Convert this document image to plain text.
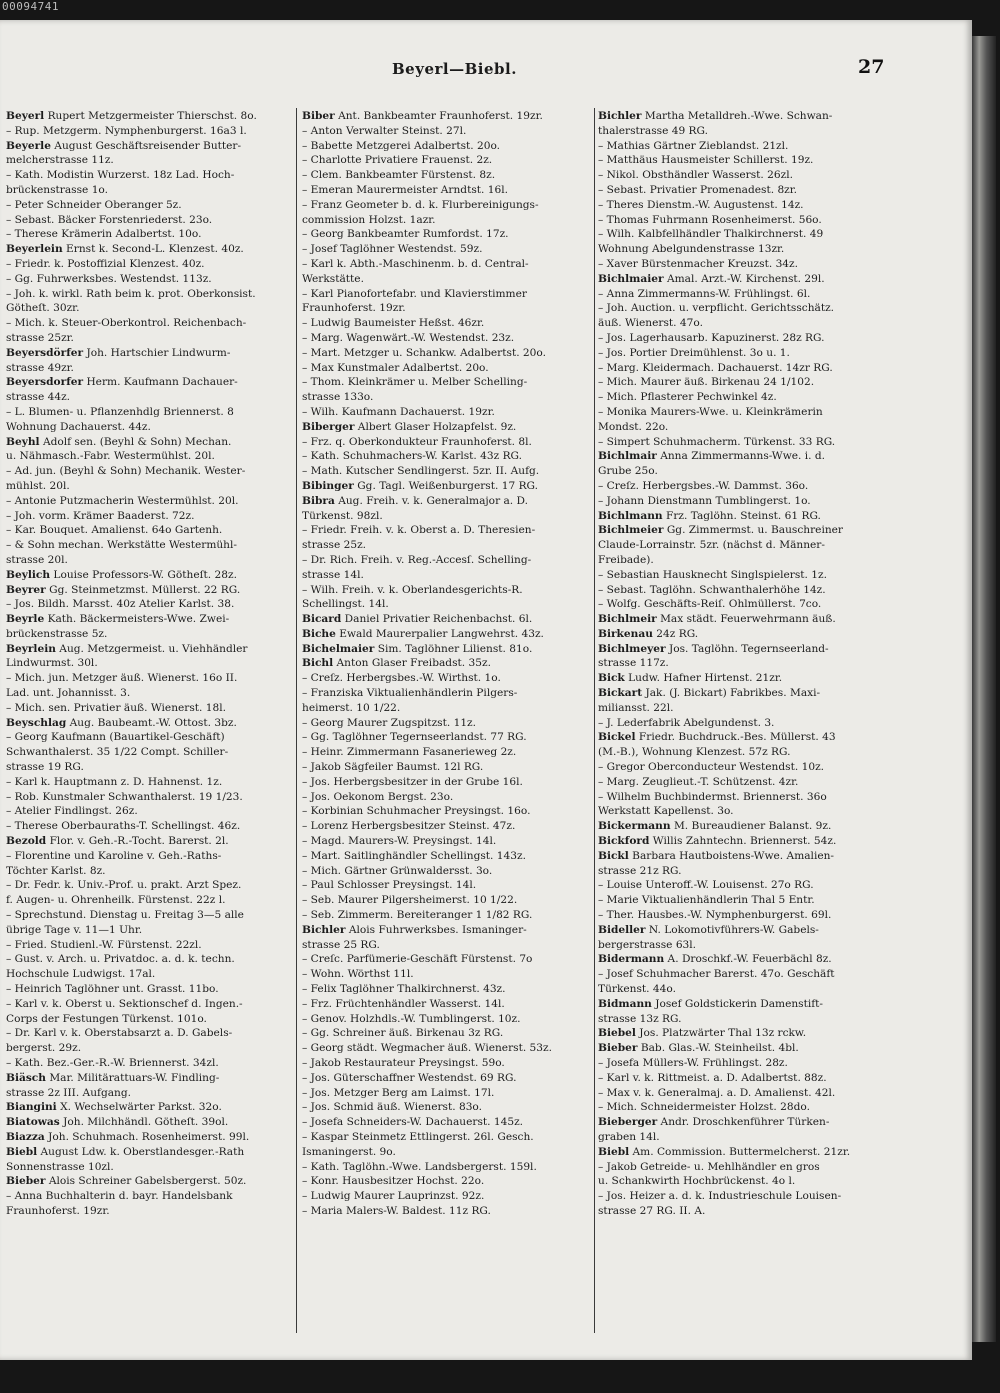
00094741
Beyerl—Biebl.	27
Beyerl Rupert Metzgermeister Thierschst. 8o.
– Rup. Metzgerm. Nymphenburgerst. 16a3 l.
Beyerle August Geschäftsreisender Butter-
melcherstrasse 11z.
– Kath. Modistin Wurzerst. 18z Lad. Hoch-
brückenstrasse 1o.
– Peter Schneider Oberanger 5z.
– Sebast. Bäcker Forstenriederst. 23o.
– Therese Krämerin Adalbertst. 10o.
Beyerlein Ernst k. Second-L. Klenzest. 40z.
– Friedr. k. Postoffizial Klenzest. 40z.
– Gg. Fuhrwerksbes. Westendst. 113z.
– Joh. k. wirkl. Rath beim k. prot. Oberkonsist.
Götheſt. 30zr.
– Mich. k. Steuer-Oberkontrol. Reichenbach-
strasse 25zr.
Beyersdörfer Joh. Hartschier Lindwurm-
strasse 49zr.
Beyersdorfer Herm. Kaufmann Dachauer-
strasse 44z.
– L. Blumen- u. Pflanzenhdlg Briennerst. 8
Wohnung Dachauerst. 44z.
Beyhl Adolf sen. (Beyhl & Sohn) Mechan.
u. Nähmasch.-Fabr. Westermühlst. 20l.
– Ad. jun. (Beyhl & Sohn) Mechanik. Wester-
mühlst. 20l.
– Antonie Putzmacherin Westermühlst. 20l.
– Joh. vorm. Krämer Baaderst. 72z.
– Kar. Bouquet. Amalienst. 64o Gartenh.
– & Sohn mechan. Werkstätte Westermühl-
strasse 20l.
Beylich Louise Professors-W. Götheſt. 28z.
Beyrer Gg. Steinmetzmst. Müllerst. 22 RG.
– Jos. Bildh. Marsst. 40z Atelier Karlst. 38.
Beyrle Kath. Bäckermeisters-Wwe. Zwei-
brückenstrasse 5z.
Beyrlein Aug. Metzgermeist. u. Viehhändler
Lindwurmst. 30l.
– Mich. jun. Metzger äuß. Wienerst. 16o II.
Lad. unt. Johannisst. 3.
– Mich. sen. Privatier äuß. Wienerst. 18l.
Beyschlag Aug. Baubeamt.-W. Ottost. 3bz.
– Georg Kaufmann (Bauartikel-Geschäft)
Schwanthalerst. 35 1/22 Compt. Schiller-
strasse 19 RG.
– Karl k. Hauptmann z. D. Hahnenst. 1z.
– Rob. Kunstmaler Schwanthalerst. 19 1/23.
– Atelier Findlingst. 26z.
– Therese Oberbauraths-T. Schellingst. 46z.
Bezold Flor. v. Geh.-R.-Tocht. Barerst. 2l.
– Florentine und Karoline v. Geh.-Raths-
Töchter Karlst. 8z.
– Dr. Fedr. k. Univ.-Prof. u. prakt. Arzt Spez.
f. Augen- u. Ohrenheilk. Fürstenst. 22z l.
– Sprechstund. Dienstag u. Freitag 3—5 alle
übrige Tage v. 11—1 Uhr.
– Fried. Studienl.-W. Fürstenst. 22zl.
– Gust. v. Arch. u. Privatdoc. a. d. k. techn.
Hochschule Ludwigst. 17al.
– Heinrich Taglöhner unt. Grasst. 11bo.
– Karl v. k. Oberst u. Sektionschef d. Ingen.-
Corps der Festungen Türkenst. 101o.
– Dr. Karl v. k. Oberstabsarzt a. D. Gabels-
bergerst. 29z.
– Kath. Bez.-Ger.-R.-W. Briennerst. 34zl.
Biäsch Mar. Militärattuars-W. Findling-
strasse 2z III. Aufgang.
Biangini X. Wechselwärter Parkst. 32o.
Biatowas Joh. Milchhändl. Götheſt. 39ol.
Biazza Joh. Schuhmach. Rosenheimerst. 99l.
Biebl August Ldw. k. Oberstlandesger.-Rath
Sonnenstrasse 10zl.
Bieber Alois Schreiner Gabelsbergerst. 50z.
– Anna Buchhalterin d. bayr. Handelsbank
Fraunhoferst. 19zr.
Biber Ant. Bankbeamter Fraunhoferst. 19zr.
– Anton Verwalter Steinst. 27l.
– Babette Metzgerei Adalbertst. 20o.
– Charlotte Privatiere Frauenst. 2z.
– Clem. Bankbeamter Fürstenst. 8z.
– Emeran Maurermeister Arndtst. 16l.
– Franz Geometer b. d. k. Flurbereinigungs-
commission Holzst. 1azr.
– Georg Bankbeamter Rumfordst. 17z.
– Josef Taglöhner Westendst. 59z.
– Karl k. Abth.-Maschinenm. b. d. Central-
Werkstätte.
– Karl Pianofortefabr. und Klavierstimmer
Fraunhoferst. 19zr.
– Ludwig Baumeister Heßst. 46zr.
– Marg. Wagenwärt.-W. Westendst. 23z.
– Mart. Metzger u. Schankw. Adalbertst. 20o.
– Max Kunstmaler Adalbertst. 20o.
– Thom. Kleinkrämer u. Melber Schelling-
strasse 133o.
– Wilh. Kaufmann Dachauerst. 19zr.
Biberger Albert Glaser Holzapfelst. 9z.
– Frz. q. Oberkondukteur Fraunhoferst. 8l.
– Kath. Schuhmachers-W. Karlst. 43z RG.
– Math. Kutscher Sendlingerst. 5zr. II. Aufg.
Bibinger Gg. Tagl. Weißenburgerst. 17 RG.
Bibra Aug. Freih. v. k. Generalmajor a. D.
Türkenst. 98zl.
– Friedr. Freih. v. k. Oberst a. D. Theresien-
strasse 25z.
– Dr. Rich. Freih. v. Reg.-Accesſ. Schelling-
strasse 14l.
– Wilh. Freih. v. k. Oberlandesgerichts-R.
Schellingst. 14l.
Bicard Daniel Privatier Reichenbachst. 6l.
Biche Ewald Maurerpalier Langwehrst. 43z.
Bichelmaier Sim. Taglöhner Lilienst. 81o.
Bichl Anton Glaser Freibadst. 35z.
– Creſz. Herbergsbes.-W. Wirthst. 1o.
– Franziska Viktualienhändlerin Pilgers-
heimerst. 10 1/22.
– Georg Maurer Zugspitzst. 11z.
– Gg. Taglöhner Tegernseerlandst. 77 RG.
– Heinr. Zimmermann Fasanerieweg 2z.
– Jakob Sägfeiler Baumst. 12l RG.
– Jos. Herbergsbesitzer in der Grube 16l.
– Jos. Oekonom Bergst. 23o.
– Korbinian Schuhmacher Preysingst. 16o.
– Lorenz Herbergsbesitzer Steinst. 47z.
– Magd. Maurers-W. Preysingst. 14l.
– Mart. Saitlinghändler Schellingst. 143z.
– Mich. Gärtner Grünwaldersst. 3o.
– Paul Schlosser Preysingst. 14l.
– Seb. Maurer Pilgersheimerst. 10 1/22.
– Seb. Zimmerm. Bereiteranger 1 1/82 RG.
Bichler Alois Fuhrwerksbes. Ismaninger-
strasse 25 RG.
– Creſc. Parfümerie-Geschäft Fürstenst. 7o
– Wohn. Wörthst 11l.
– Felix Taglöhner Thalkirchnerst. 43z.
– Frz. Früchtenhändler Wasserst. 14l.
– Genov. Holzhdls.-W. Tumblingerst. 10z.
– Gg. Schreiner äuß. Birkenau 3z RG.
– Georg städt. Wegmacher äuß. Wienerst. 53z.
– Jakob Restaurateur Preysingst. 59o.
– Jos. Güterschaffner Westendst. 69 RG.
– Jos. Metzger Berg am Laimst. 17l.
– Jos. Schmid äuß. Wienerst. 83o.
– Josefa Schneiders-W. Dachauerst. 145z.
– Kaspar Steinmetz Ettlingerst. 26l. Gesch.
Ismaningerst. 9o.
– Kath. Taglöhn.-Wwe. Landsbergerst. 159l.
– Konr. Hausbesitzer Hochst. 22o.
– Ludwig Maurer Lauprinzst. 92z.
– Maria Malers-W. Baldest. 11z RG.
Bichler Martha Metalldreh.-Wwe. Schwan-
thalerstrasse 49 RG.
– Mathias Gärtner Zieblandst. 21zl.
– Matthäus Hausmeister Schillerst. 19z.
– Nikol. Obsthändler Wasserst. 26zl.
– Sebast. Privatier Promenadest. 8zr.
– Theres Dienstm.-W. Augustenst. 14z.
– Thomas Fuhrmann Rosenheimerst. 56o.
– Wilh. Kalbfellhändler Thalkirchnerst. 49
Wohnung Abelgundenstrasse 13zr.
– Xaver Bürstenmacher Kreuzst. 34z.
Bichlmaier Amal. Arzt.-W. Kirchenst. 29l.
– Anna Zimmermanns-W. Frühlingst. 6l.
– Joh. Auction. u. verpflicht. Gerichtsschätz.
äuß. Wienerst. 47o.
– Jos. Lagerhausarb. Kapuzinerst. 28z RG.
– Jos. Portier Dreimühlenst. 3o u. 1.
– Marg. Kleidermach. Dachauerst. 14zr RG.
– Mich. Maurer äuß. Birkenau 24 1/102.
– Mich. Pflasterer Pechwinkel 4z.
– Monika Maurers-Wwe. u. Kleinkrämerin
Mondst. 22o.
– Simpert Schuhmacherm. Türkenst. 33 RG.
Bichlmair Anna Zimmermanns-Wwe. i. d.
Grube 25o.
– Creſz. Herbergsbes.-W. Dammst. 36o.
– Johann Dienstmann Tumblingerst. 1o.
Bichlmann Frz. Taglöhn. Steinst. 61 RG.
Bichlmeier Gg. Zimmermst. u. Bauschreiner
Claude-Lorrainstr. 5zr. (nächst d. Männer-
Freibade).
– Sebastian Hausknecht Singlspielerst. 1z.
– Sebast. Taglöhn. Schwanthalerhöhe 14z.
– Wolfg. Geschäfts-Reiſ. Ohlmüllerst. 7co.
Bichlmeir Max städt. Feuerwehrmann äuß.
Birkenau 24z RG.
Bichlmeyer Jos. Taglöhn. Tegernseerland-
strasse 117z.
Bick Ludw. Hafner Hirtenst. 21zr.
Bickart Jak. (J. Bickart) Fabrikbes. Maxi-
miliansst. 22l.
– J. Lederfabrik Abelgundenst. 3.
Bickel Friedr. Buchdruck.-Bes. Müllerst. 43
(M.-B.), Wohnung Klenzest. 57z RG.
– Gregor Oberconducteur Westendst. 10z.
– Marg. Zeuglieut.-T. Schützenst. 4zr.
– Wilhelm Buchbindermst. Briennerst. 36o
Werkstatt Kapellenst. 3o.
Bickermann M. Bureaudiener Balanst. 9z.
Bickford Willis Zahntechn. Briennerst. 54z.
Bickl Barbara Hautboistens-Wwe. Amalien-
strasse 21z RG.
– Louise Unteroff.-W. Louisenst. 27o RG.
– Marie Viktualienhändlerin Thal 5 Entr.
– Ther. Hausbes.-W. Nymphenburgerst. 69l.
Bideller N. Lokomotivführers-W. Gabels-
bergerstrasse 63l.
Bidermann A. Droschkf.-W. Feuerbächl 8z.
– Josef Schuhmacher Barerst. 47o. Geschäft
Türkenst. 44o.
Bidmann Josef Goldstickerin Damenstift-
strasse 13z RG.
Biebel Jos. Platzwärter Thal 13z rckw.
Bieber Bab. Glas.-W. Steinheilst. 4bl.
– Josefa Müllers-W. Frühlingst. 28z.
– Karl v. k. Rittmeist. a. D. Adalbertst. 88z.
– Max v. k. Generalmaj. a. D. Amalienst. 42l.
– Mich. Schneidermeister Holzst. 28do.
Bieberger Andr. Droschkenführer Türken-
graben 14l.
Biebl Am. Commission. Buttermelcherst. 21zr.
– Jakob Getreide- u. Mehlhändler en gros
u. Schankwirth Hochbrückenst. 4o l.
– Jos. Heizer a. d. k. Industrieschule Louisen-
strasse 27 RG. II. A.
